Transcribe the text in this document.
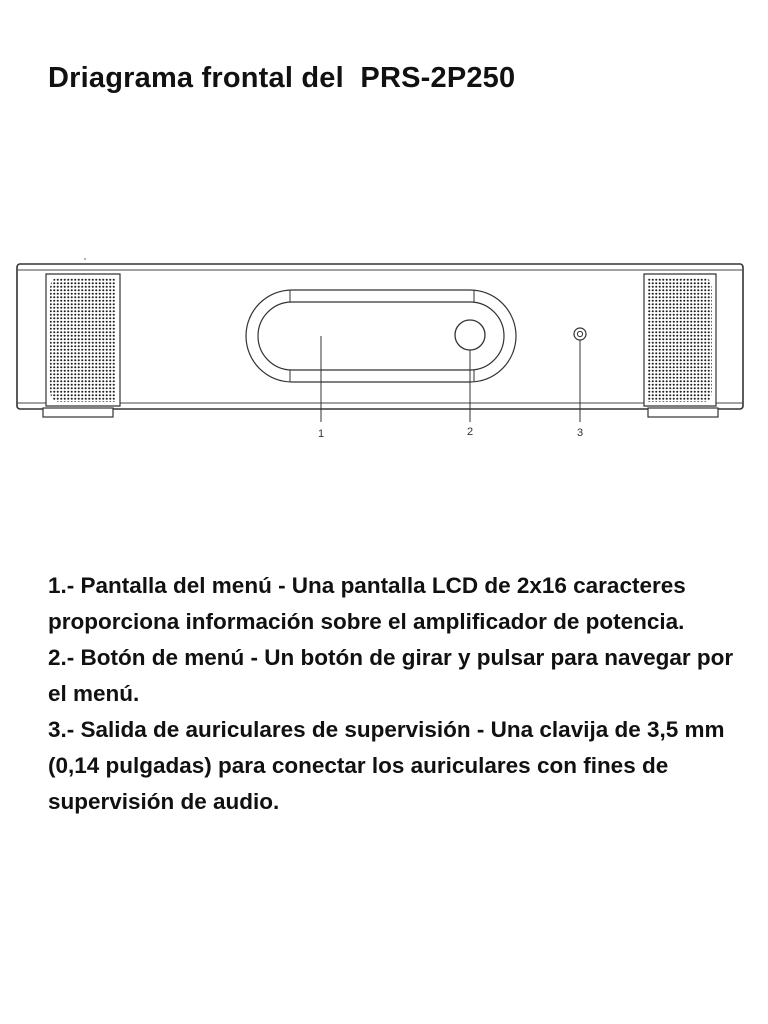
Driagrama frontal del  PRS-2P250
1	2	3

1.- Pantalla del menú - Una pantalla LCD de 2x16 caracteres proporciona información sobre el amplificador de potencia.

2.- Botón de menú - Un botón de girar y pulsar para navegar por el menú.

3.- Salida de auriculares de supervisión - Una clavija de 3,5 mm (0,14 pulgadas) para conectar los auriculares con fines de supervisión de audio.
